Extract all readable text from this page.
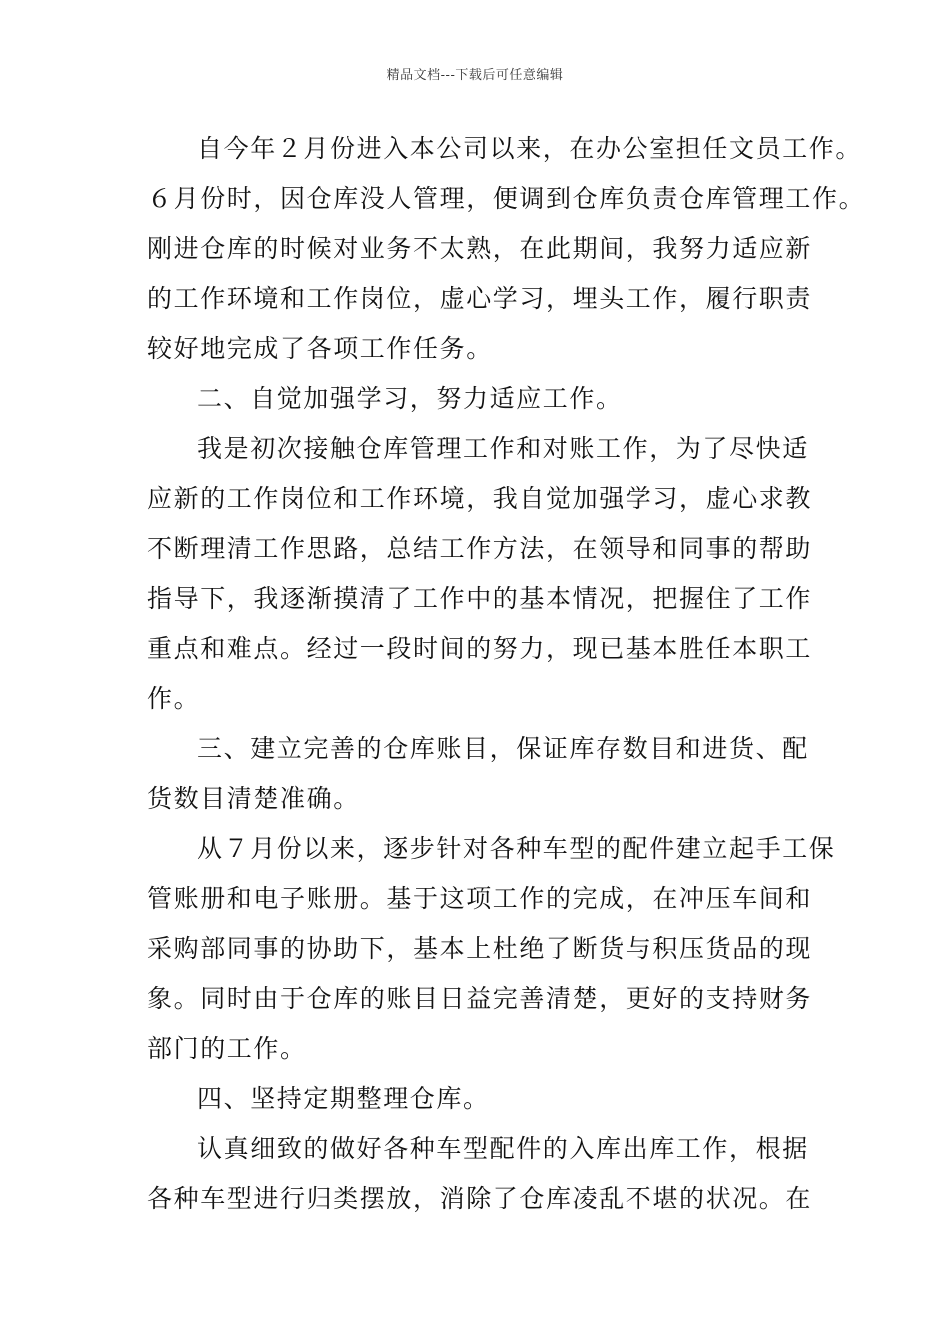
精品文档---下载后可任意编辑
自今年２月份进入本公司以来，在办公室担任文员工作。
６月份时，因仓库没人管理，便调到仓库负责仓库管理工作。
刚进仓库的时候对业务不太熟，在此期间，我努力适应新
的工作环境和工作岗位，虚心学习，埋头工作，履行职责
较好地完成了各项工作任务。
二、自觉加强学习，努力适应工作。
我是初次接触仓库管理工作和对账工作，为了尽快适
应新的工作岗位和工作环境，我自觉加强学习，虚心求教
不断理清工作思路，总结工作方法，在领导和同事的帮助
指导下，我逐渐摸清了工作中的基本情况，把握住了工作
重点和难点。经过一段时间的努力，现已基本胜任本职工
作。
三、建立完善的仓库账目，保证库存数目和进货、配
货数目清楚准确。
从７月份以来，逐步针对各种车型的配件建立起手工保
管账册和电子账册。基于这项工作的完成，在冲压车间和
采购部同事的协助下，基本上杜绝了断货与积压货品的现
象。同时由于仓库的账目日益完善清楚，更好的支持财务
部门的工作。
四、坚持定期整理仓库。
认真细致的做好各种车型配件的入库出库工作，根据
各种车型进行归类摆放，消除了仓库凌乱不堪的状况。在
